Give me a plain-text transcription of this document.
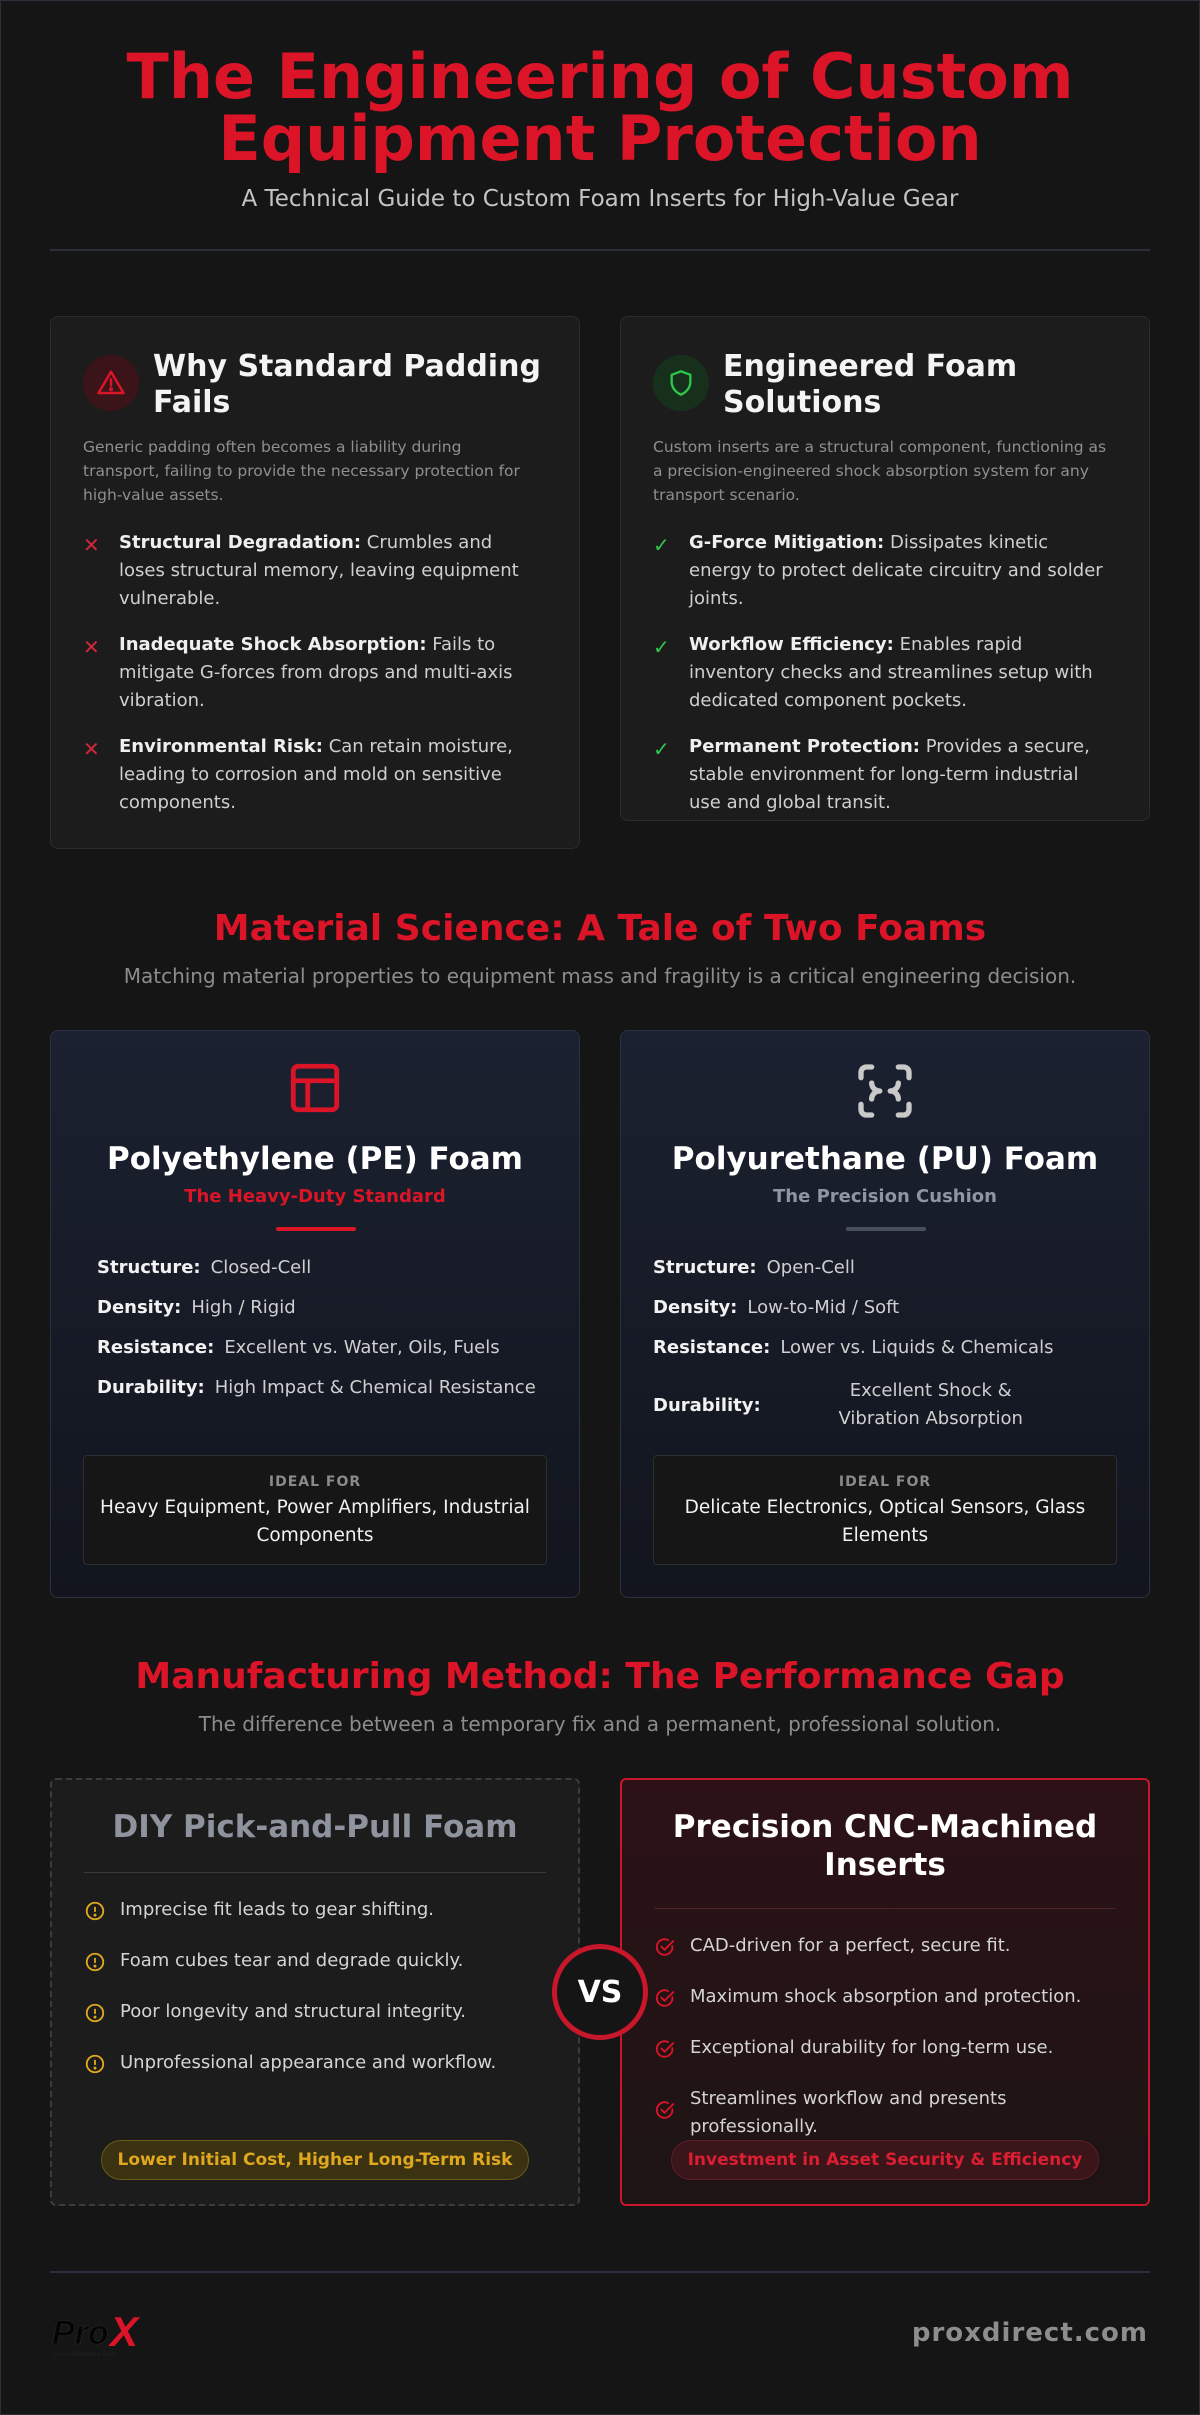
The Engineering of Custom
Equipment Protection
A Technical Guide to Custom Foam Inserts for High-Value Gear
Why Standard Padding Fails
Generic padding often becomes a liability during transport, failing to provide the necessary protection for high-value assets.
✕	Structural Degradation: Crumbles and loses structural memory, leaving equipment vulnerable.
✕	Inadequate Shock Absorption: Fails to mitigate G-forces from drops and multi-axis vibration.
✕	Environmental Risk: Can retain moisture, leading to corrosion and mold on sensitive components.
Engineered Foam Solutions
Custom inserts are a structural component, functioning as a precision-engineered shock absorption system for any transport scenario.
✓	G-Force Mitigation: Dissipates kinetic energy to protect delicate circuitry and solder joints.
✓	Workflow Efficiency: Enables rapid inventory checks and streamlines setup with dedicated component pockets.
✓	Permanent Protection: Provides a secure, stable environment for long-term industrial use and global transit.
Material Science: A Tale of Two Foams
Matching material properties to equipment mass and fragility is a critical engineering decision.
Polyethylene (PE) Foam
The Heavy-Duty Standard
Structure: Closed-Cell
Density: High / Rigid
Resistance: Excellent vs. Water, Oils, Fuels
Durability: High Impact & Chemical Resistance
IDEAL FOR
Heavy Equipment, Power Amplifiers, Industrial Components
Polyurethane (PU) Foam
The Precision Cushion
Structure: Open-Cell
Density: Low-to-Mid / Soft
Resistance: Lower vs. Liquids & Chemicals
Durability:
Excellent Shock & Vibration Absorption
IDEAL FOR
Delicate Electronics, Optical Sensors, Glass Elements
Manufacturing Method: The Performance Gap
The difference between a temporary fix and a permanent, professional solution.
DIY Pick-and-Pull Foam
Imprecise fit leads to gear shifting.
Foam cubes tear and degrade quickly.
Poor longevity and structural integrity.
Unprofessional appearance and workflow.
Lower Initial Cost, Higher Long-Term Risk
Precision CNC-Machined Inserts
CAD-driven for a perfect, secure fit.
Maximum shock absorption and protection.
Exceptional durability for long-term use.
Streamlines workflow and presents professionally.
Investment in Asset Security & Efficiency
VS
Pro X
Live Performance Gear
proxdirect.com
